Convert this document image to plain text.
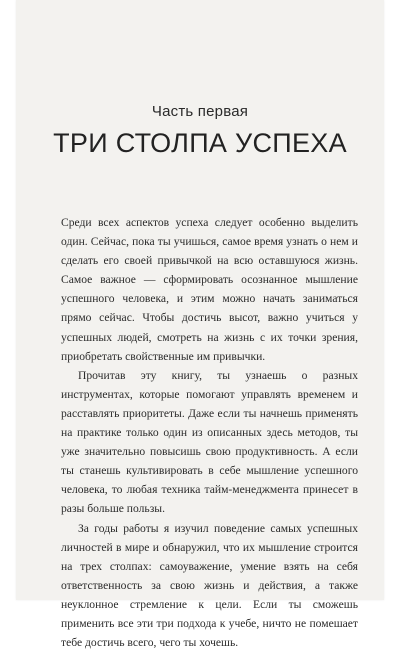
Часть первая
ТРИ СТОЛПА УСПЕХА

Среди всех аспектов успеха следует особенно выделить один. Сейчас, пока ты учишься, самое время узнать о нем и сделать его своей привычкой на всю оставшуюся жизнь. Самое важное — сформировать осознанное мышление успешного человека, и этим можно начать заниматься прямо сейчас. Чтобы достичь высот, важно учиться у успешных людей, смотреть на жизнь с их точки зрения, приобретать свойственные им привычки.

Прочитав эту книгу, ты узнаешь о разных инструментах, которые помогают управлять временем и расставлять приоритеты. Даже если ты начнешь применять на практике только один из описанных здесь методов, ты уже значительно повысишь свою продуктивность. А если ты станешь культивировать в себе мышление успешного человека, то любая техника тайм-менеджмента принесет в разы больше пользы.

За годы работы я изучил поведение самых успешных личностей в мире и обнаружил, что их мышление строится на трех столпах: самоуважение, умение взять на себя ответственность за свою жизнь и действия, а также неуклонное стремление к цели. Если ты сможешь применить все эти три подхода к учебе, ничто не помешает тебе достичь всего, чего ты хочешь.
